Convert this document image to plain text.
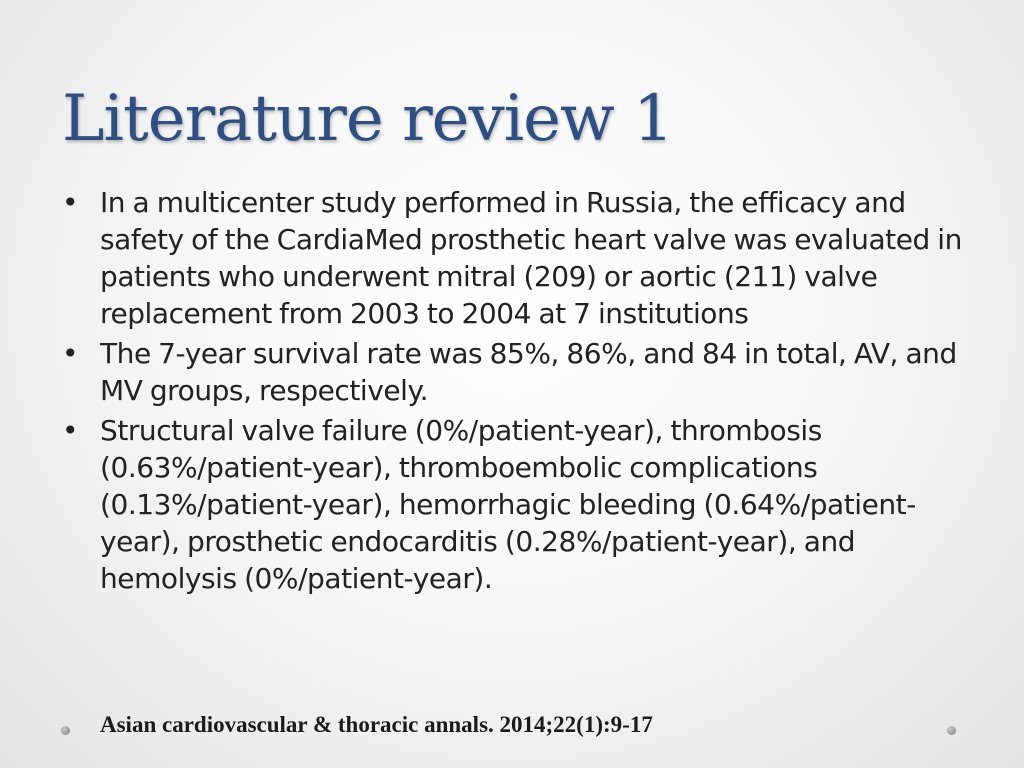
Literature review 1
• In a multicenter study performed in Russia, the efficacy and safety of the CardiaMed prosthetic heart valve was evaluated in patients who underwent mitral (209) or aortic (211) valve replacement from 2003 to 2004 at 7 institutions
• The 7-year survival rate was 85%, 86%, and 84 in total, AV, and MV groups, respectively.
• Structural valve failure (0%/patient-year), thrombosis (0.63%/patient-year), thromboembolic complications (0.13%/patient-year), hemorrhagic bleeding (0.64%/patient-year), prosthetic endocarditis (0.28%/patient-year), and hemolysis (0%/patient-year).
Asian cardiovascular & thoracic annals. 2014;22(1):9-17
